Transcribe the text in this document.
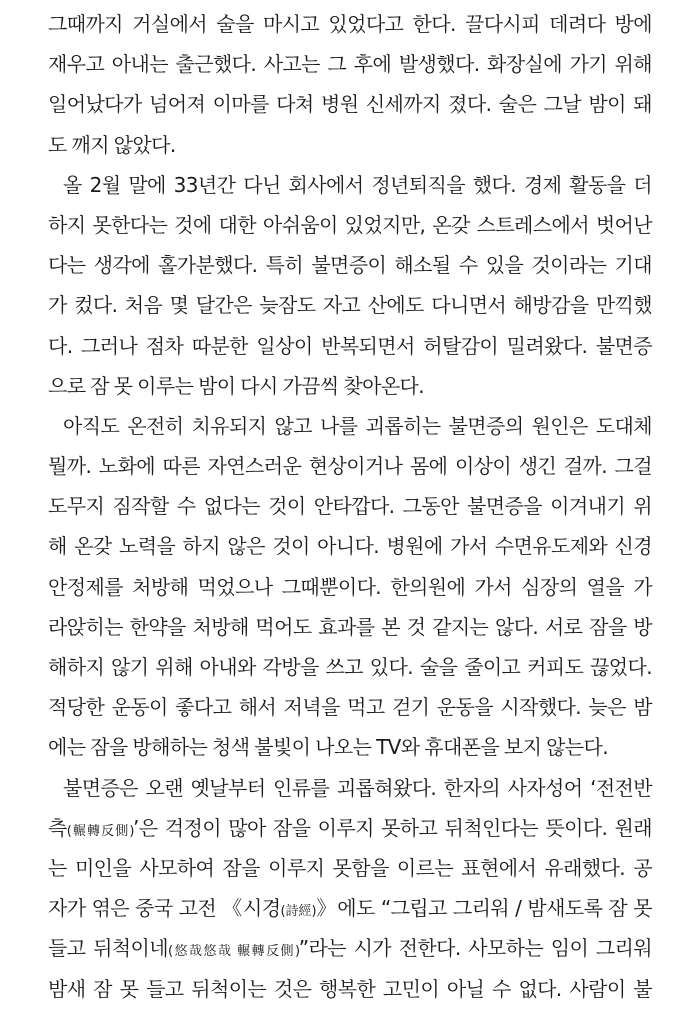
그때까지 거실에서 술을 마시고 있었다고 한다. 끌다시피 데려다 방에
재우고 아내는 출근했다. 사고는 그 후에 발생했다. 화장실에 가기 위해
일어났다가 넘어져 이마를 다쳐 병원 신세까지 졌다. 술은 그날 밤이 돼
도 깨지 않았다.
올 2월 말에 33년간 다닌 회사에서 정년퇴직을 했다. 경제 활동을 더
하지 못한다는 것에 대한 아쉬움이 있었지만, 온갖 스트레스에서 벗어난
다는 생각에 홀가분했다. 특히 불면증이 해소될 수 있을 것이라는 기대
가 컸다. 처음 몇 달간은 늦잠도 자고 산에도 다니면서 해방감을 만끽했
다. 그러나 점차 따분한 일상이 반복되면서 허탈감이 밀려왔다. 불면증
으로 잠 못 이루는 밤이 다시 가끔씩 찾아온다.
아직도 온전히 치유되지 않고 나를 괴롭히는 불면증의 원인은 도대체
뭘까. 노화에 따른 자연스러운 현상이거나 몸에 이상이 생긴 걸까. 그걸
도무지 짐작할 수 없다는 것이 안타깝다. 그동안 불면증을 이겨내기 위
해 온갖 노력을 하지 않은 것이 아니다. 병원에 가서 수면유도제와 신경
안정제를 처방해 먹었으나 그때뿐이다. 한의원에 가서 심장의 열을 가
라앉히는 한약을 처방해 먹어도 효과를 본 것 같지는 않다. 서로 잠을 방
해하지 않기 위해 아내와 각방을 쓰고 있다. 술을 줄이고 커피도 끊었다.
적당한 운동이 좋다고 해서 저녁을 먹고 걷기 운동을 시작했다. 늦은 밤
에는 잠을 방해하는 청색 불빛이 나오는 TV와 휴대폰을 보지 않는다.
불면증은 오랜 옛날부터 인류를 괴롭혀왔다. 한자의 사자성어 ‘전전반
측(輾轉反側)’은 걱정이 많아 잠을 이루지 못하고 뒤척인다는 뜻이다. 원래
는 미인을 사모하여 잠을 이루지 못함을 이르는 표현에서 유래했다. 공
자가 엮은 중국 고전 《시경(詩經)》에도 “그립고 그리워 / 밤새도록 잠 못
들고 뒤척이네(悠哉悠哉 輾轉反側)”라는 시가 전한다. 사모하는 임이 그리워
밤새 잠 못 들고 뒤척이는 것은 행복한 고민이 아닐 수 없다. 사람이 불
